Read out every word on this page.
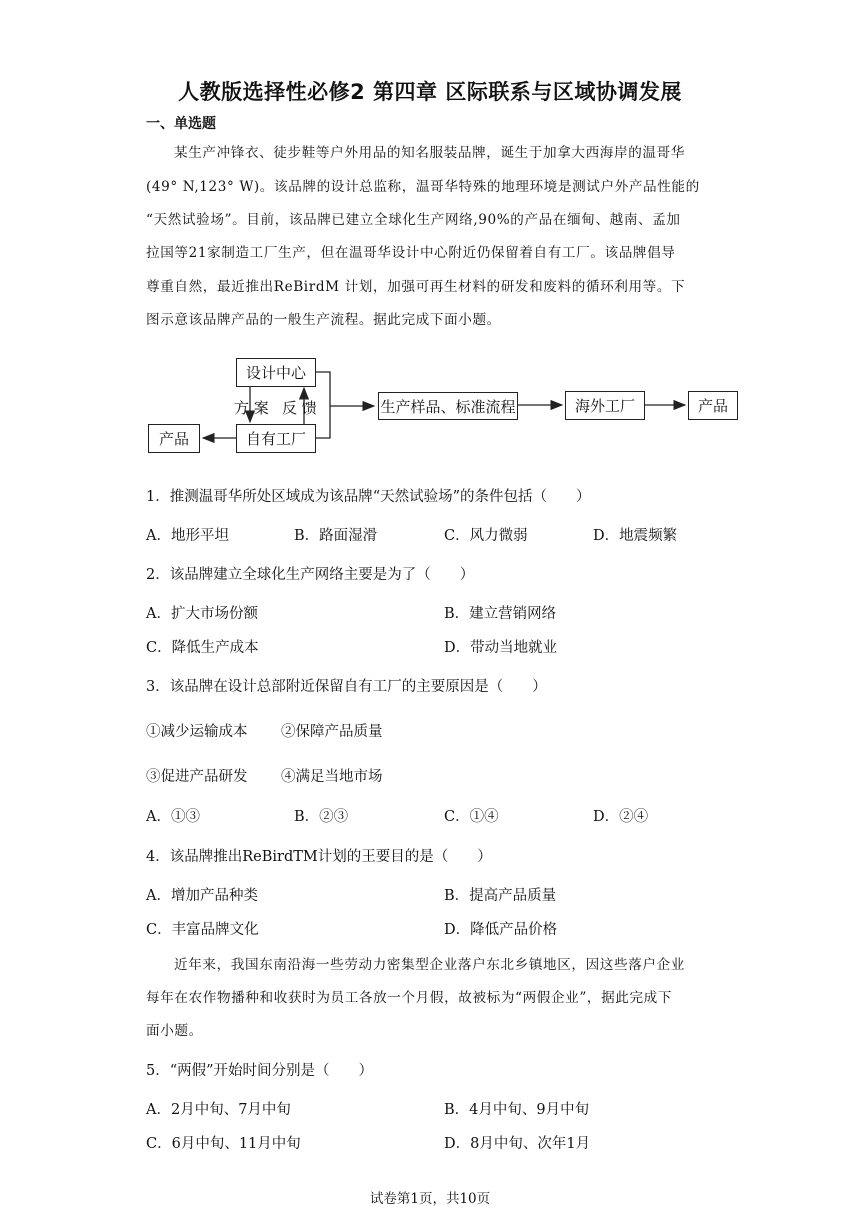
人教版选择性必修2 第四章 区际联系与区域协调发展
一、单选题
某生产冲锋衣、徒步鞋等户外用品的知名服装品牌，诞生于加拿大西海岸的温哥华
(49° N,123° W)。该品牌的设计总监称，温哥华特殊的地理环境是测试户外产品性能的
“天然试验场”。目前，该品牌已建立全球化生产网络,90%的产品在缅甸、越南、孟加
拉国等21家制造工厂生产，但在温哥华设计中心附近仍保留着自有工厂。该品牌倡导
尊重自然，最近推出ReBirdM 计划，加强可再生材料的研发和废料的循环利用等。下
图示意该品牌产品的一般生产流程。据此完成下面小题。
设计中心
自有工厂
产品
方 案 反 馈	生产样品、标准流程	海外工厂	产品
1．推测温哥华所处区域成为该品牌“天然试验场”的条件包括（　　）
A．地形平坦	B．路面湿滑	C．风力微弱	D．地震频繁
2．该品牌建立全球化生产网络主要是为了（　　）
A．扩大市场份额	B．建立营销网络
C．降低生产成本	D．带动当地就业
3．该品牌在设计总部附近保留自有工厂的主要原因是（　　）
①减少运输成本 ②保障产品质量
③促进产品研发 ④满足当地市场
A．①③	B．②③	C．①④	D．②④
4．该品牌推出ReBirdTM计划的王要目的是（　　）
A．增加产品种类	B．提高产品质量
C．丰富品牌文化	D．降低产品价格
近年来，我国东南沿海一些劳动力密集型企业落户东北乡镇地区，因这些落户企业
每年在农作物播种和收获时为员工各放一个月假，故被标为“两假企业”，据此完成下
面小题。
5．“两假”开始时间分别是（　　）
A．2月中旬、7月中旬	B．4月中旬、9月中旬
C．6月中旬、11月中旬	D．8月中旬、次年1月
试卷第1页，共10页
